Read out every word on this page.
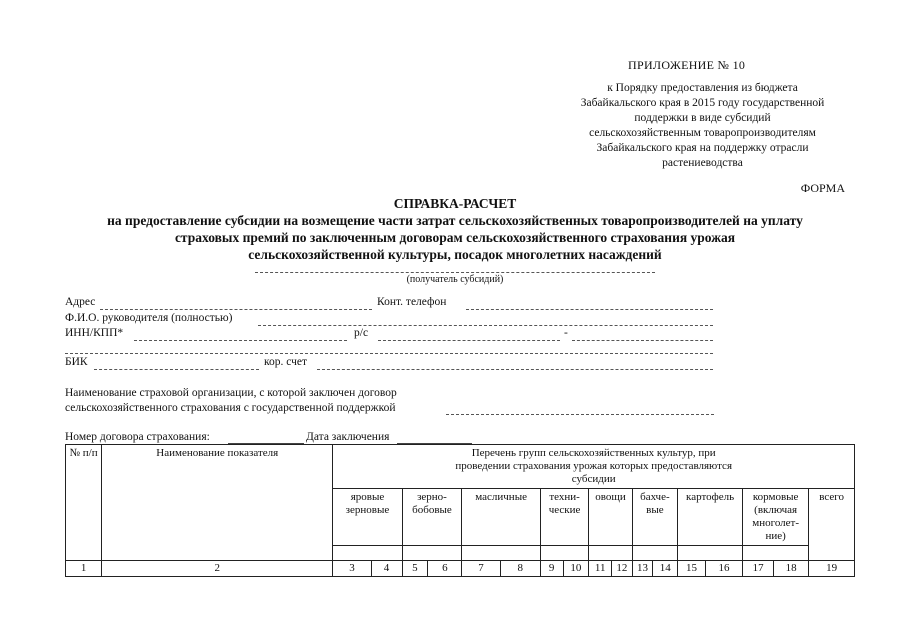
ПРИЛОЖЕНИЕ № 10
к Порядку предоставления из бюджета
Забайкальского края в 2015 году государственной
поддержки в виде субсидий
сельскохозяйственным товаропроизводителям
Забайкальского края на поддержку отрасли
растениеводства
ФОРМА
СПРАВКА-РАСЧЕТ
на предоставление субсидии на возмещение части затрат сельскохозяйственных товаропроизводителей на уплату
страховых премий по заключенным договорам сельскохозяйственного страхования урожая
сельскохозяйственной культуры, посадок многолетних насаждений
(получатель субсидий)
Адрес	Конт. телефон
Ф.И.О. руководителя (полностью)
ИНН/КПП*	р/с	-
БИК	кор. счет
Наименование страховой организации, с которой заключен договор
сельскохозяйственного страхования с государственной поддержкой
Номер договора страхования:	Дата заключения
№ п/п	Наименование показателя	Перечень групп сельскохозяйственных культур, при проведении страхования урожая которых предоставляются субсидии																
		яровые зерновые		зерно-бобовые		масличные		техни-ческие		овощи		бахче-вые		картофель		кормовые (включая многолет-ние)		всего

1	2	3	4	5	6	7	8	9	10	11	12	13	14	15	16	17	18	19
